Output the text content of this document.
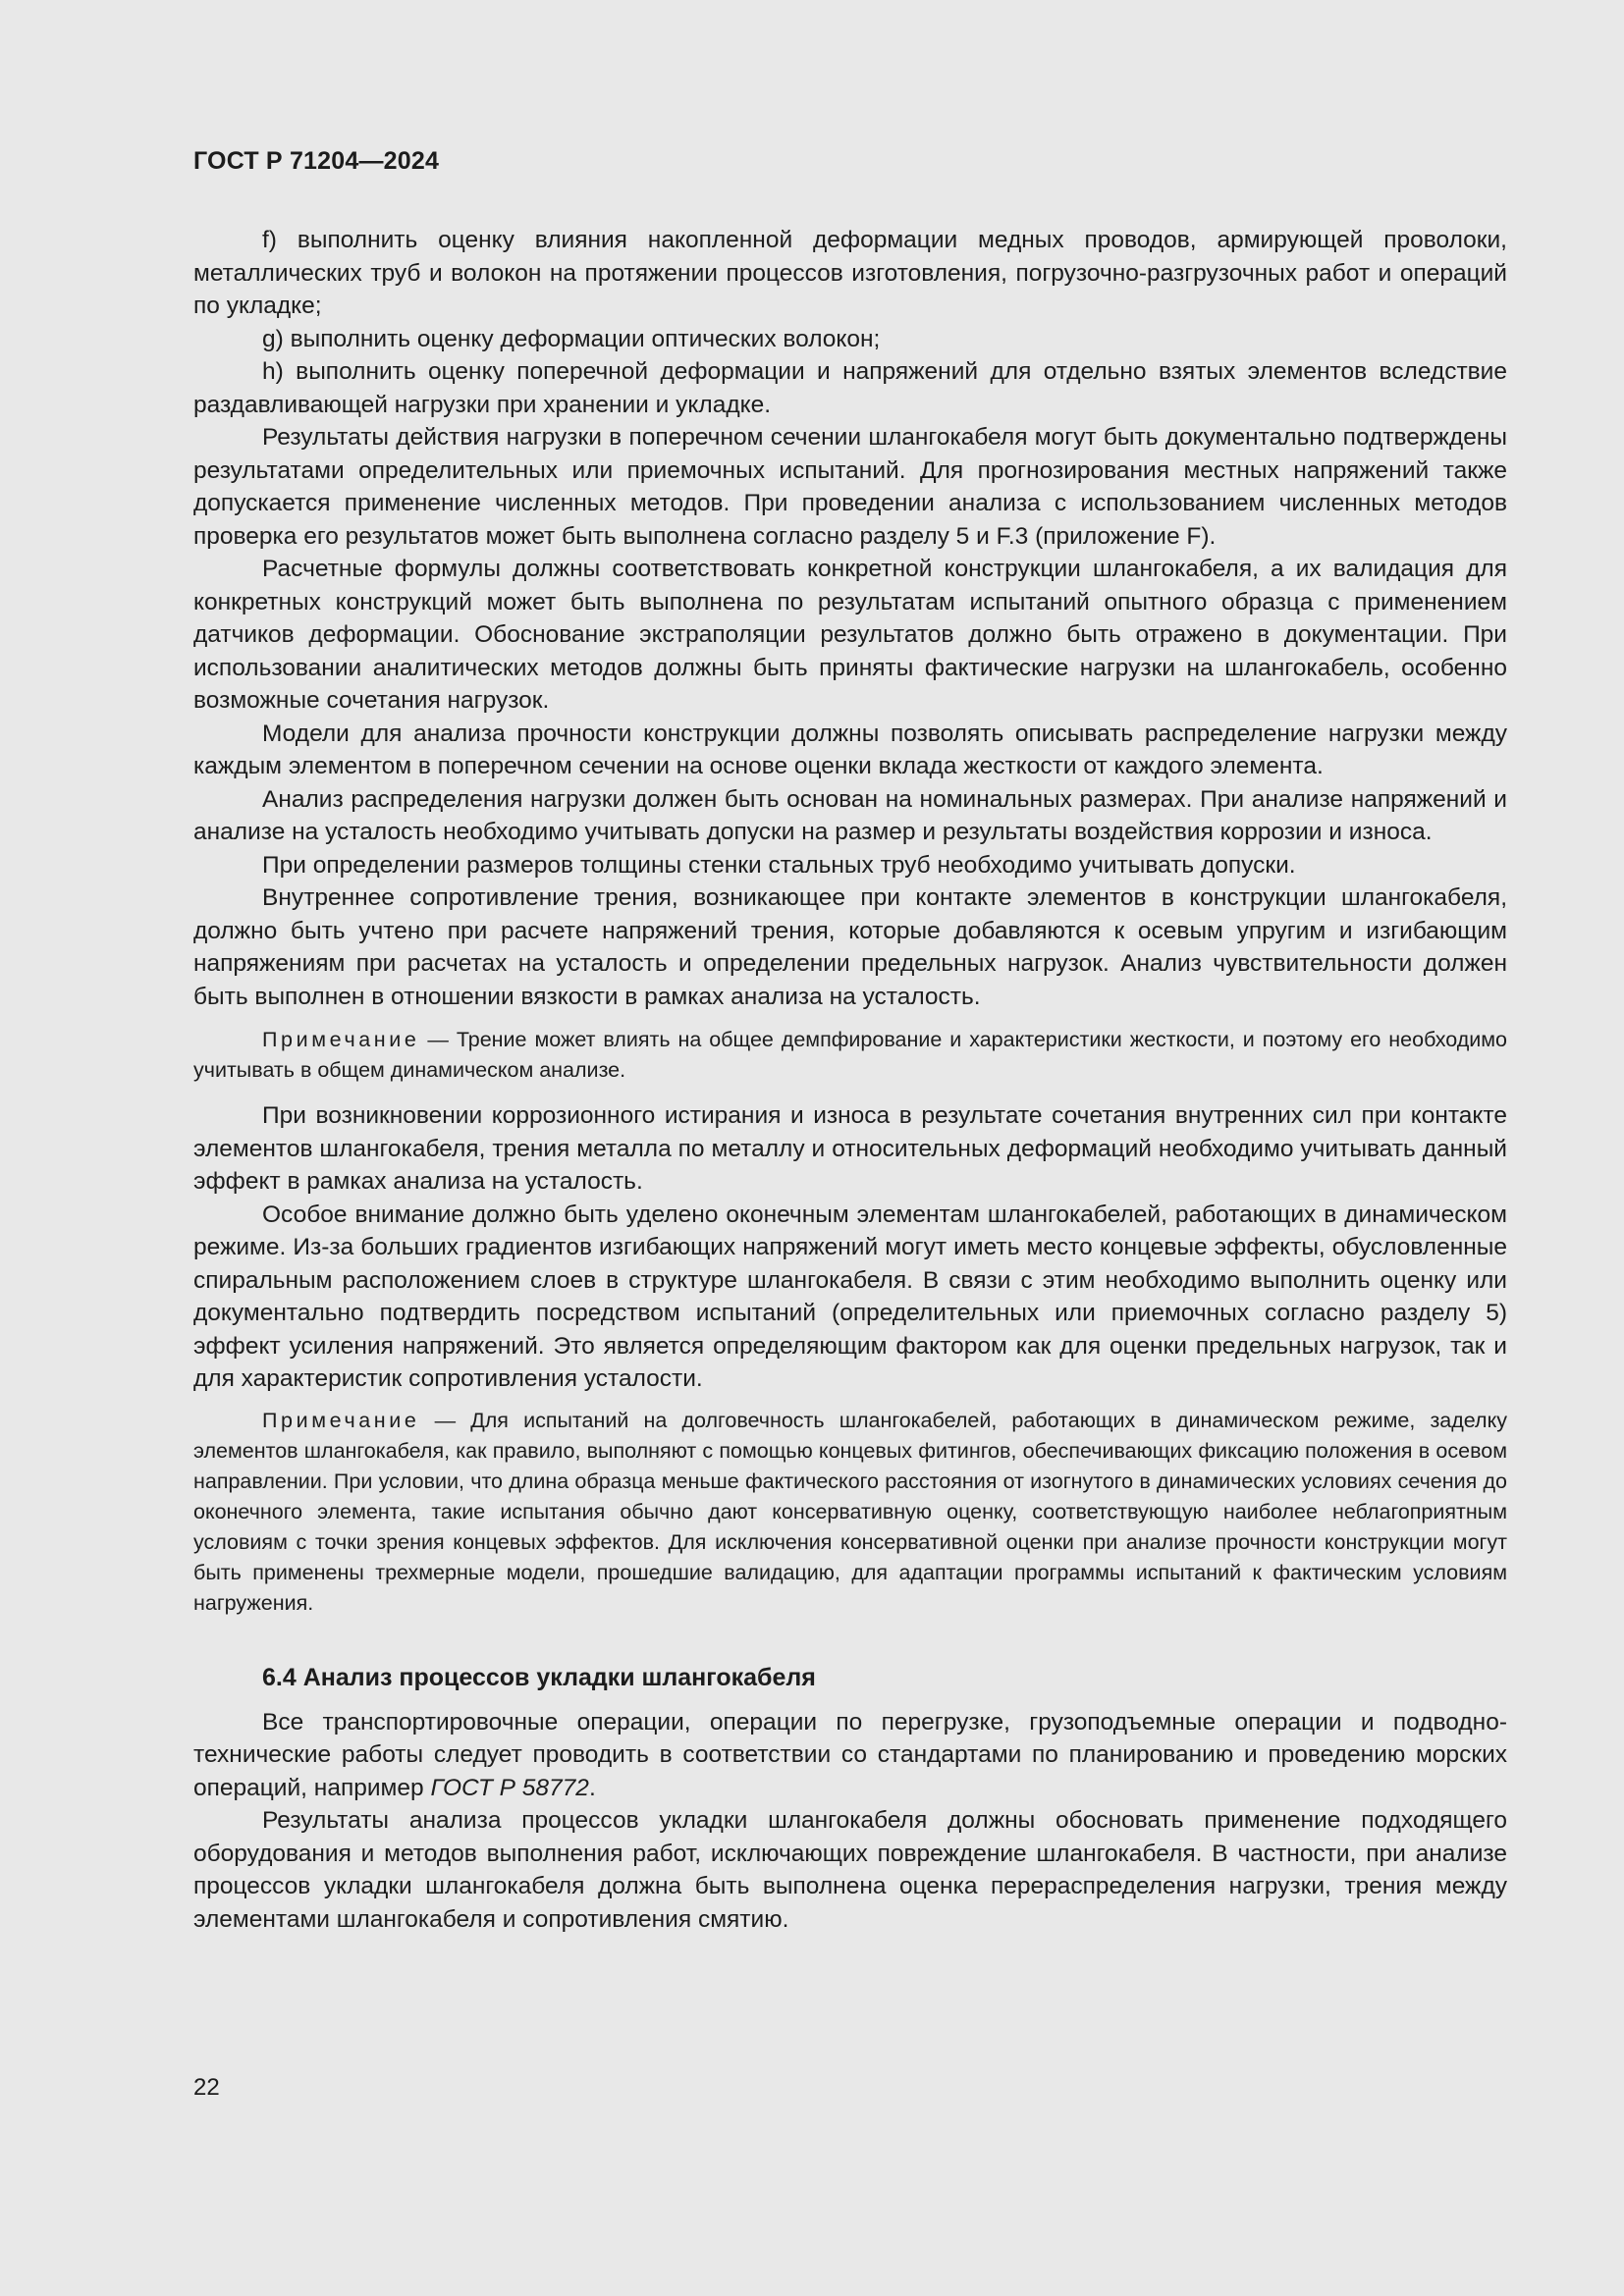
ГОСТ Р 71204—2024

f) выполнить оценку влияния накопленной деформации медных проводов, армирующей проволоки, металлических труб и волокон на протяжении процессов изготовления, погрузочно-разгрузочных работ и операций по укладке;

g) выполнить оценку деформации оптических волокон;

h) выполнить оценку поперечной деформации и напряжений для отдельно взятых элементов вследствие раздавливающей нагрузки при хранении и укладке.

Результаты действия нагрузки в поперечном сечении шлангокабеля могут быть документально подтверждены результатами определительных или приемочных испытаний. Для прогнозирования местных напряжений также допускается применение численных методов. При проведении анализа с использованием численных методов проверка его результатов может быть выполнена согласно разделу 5 и F.3 (приложение F).

Расчетные формулы должны соответствовать конкретной конструкции шлангокабеля, а их валидация для конкретных конструкций может быть выполнена по результатам испытаний опытного образца с применением датчиков деформации. Обоснование экстраполяции результатов должно быть отражено в документации. При использовании аналитических методов должны быть приняты фактические нагрузки на шлангокабель, особенно возможные сочетания нагрузок.

Модели для анализа прочности конструкции должны позволять описывать распределение нагрузки между каждым элементом в поперечном сечении на основе оценки вклада жесткости от каждого элемента.

Анализ распределения нагрузки должен быть основан на номинальных размерах. При анализе напряжений и анализе на усталость необходимо учитывать допуски на размер и результаты воздействия коррозии и износа.

При определении размеров толщины стенки стальных труб необходимо учитывать допуски.

Внутреннее сопротивление трения, возникающее при контакте элементов в конструкции шлангокабеля, должно быть учтено при расчете напряжений трения, которые добавляются к осевым упругим и изгибающим напряжениям при расчетах на усталость и определении предельных нагрузок. Анализ чувствительности должен быть выполнен в отношении вязкости в рамках анализа на усталость.

Примечание — Трение может влиять на общее демпфирование и характеристики жесткости, и поэтому его необходимо учитывать в общем динамическом анализе.

При возникновении коррозионного истирания и износа в результате сочетания внутренних сил при контакте элементов шлангокабеля, трения металла по металлу и относительных деформаций необходимо учитывать данный эффект в рамках анализа на усталость.

Особое внимание должно быть уделено оконечным элементам шлангокабелей, работающих в динамическом режиме. Из-за больших градиентов изгибающих напряжений могут иметь место концевые эффекты, обусловленные спиральным расположением слоев в структуре шлангокабеля. В связи с этим необходимо выполнить оценку или документально подтвердить посредством испытаний (определительных или приемочных согласно разделу 5) эффект усиления напряжений. Это является определяющим фактором как для оценки предельных нагрузок, так и для характеристик сопротивления усталости.

Примечание — Для испытаний на долговечность шлангокабелей, работающих в динамическом режиме, заделку элементов шлангокабеля, как правило, выполняют с помощью концевых фитингов, обеспечивающих фиксацию положения в осевом направлении. При условии, что длина образца меньше фактического расстояния от изогнутого в динамических условиях сечения до оконечного элемента, такие испытания обычно дают консервативную оценку, соответствующую наиболее неблагоприятным условиям с точки зрения концевых эффектов. Для исключения консервативной оценки при анализе прочности конструкции могут быть применены трехмерные модели, прошедшие валидацию, для адаптации программы испытаний к фактическим условиям нагружения.

6.4 Анализ процессов укладки шлангокабеля

Все транспортировочные операции, операции по перегрузке, грузоподъемные операции и подводно-технические работы следует проводить в соответствии со стандартами по планированию и проведению морских операций, например ГОСТ Р 58772.

Результаты анализа процессов укладки шлангокабеля должны обосновать применение подходящего оборудования и методов выполнения работ, исключающих повреждение шлангокабеля. В частности, при анализе процессов укладки шлангокабеля должна быть выполнена оценка перераспределения нагрузки, трения между элементами шлангокабеля и сопротивления смятию.

22
